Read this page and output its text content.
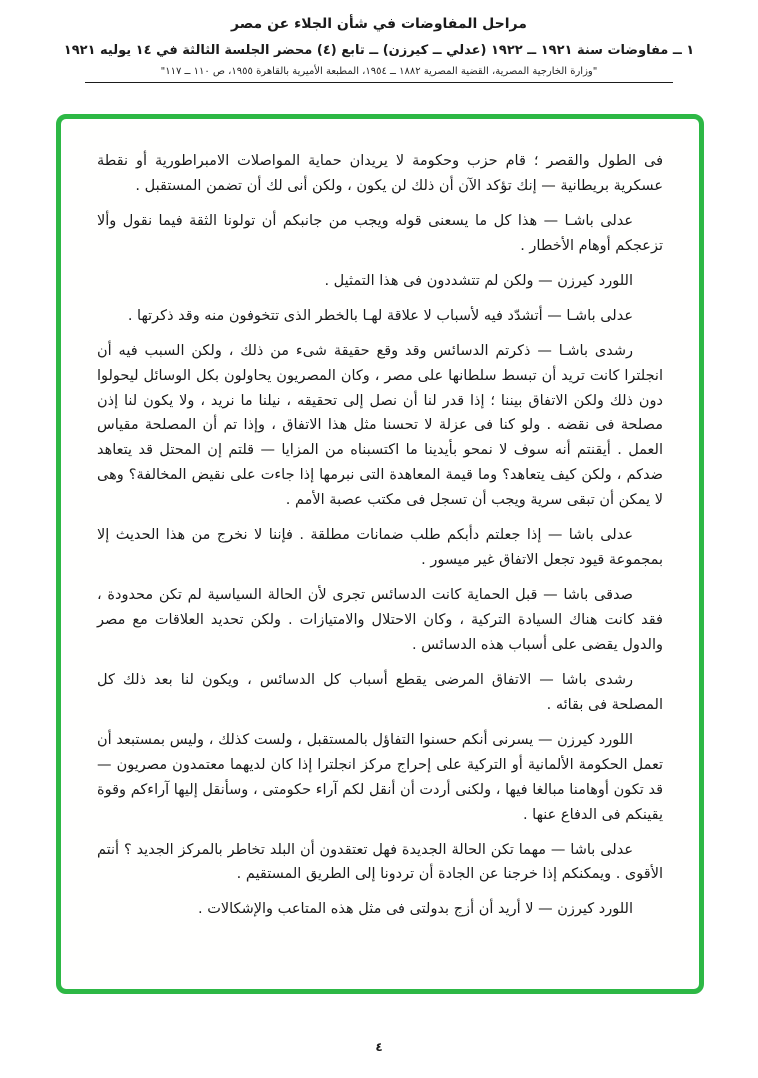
مراحل المفاوضات في شأن الجلاء عن مصر
١ ــ مفاوضات سنة ١٩٢١ ــ ١٩٢٢ (عدلي ــ كيرزن) ــ تابع (٤) محضر الجلسة الثالثة في ١٤ يوليه ١٩٢١
"وزارة الخارجية المصرية، القضية المصرية ١٨٨٢ ــ ١٩٥٤، المطبعة الأميرية بالقاهرة ١٩٥٥، ص ١١٠ ــ ١١٧"

فى الطول والقصر ؛ قام حزب وحكومة لا يريدان حماية المواصلات الامبراطورية أو نقطة عسكرية بريطانية — إنك تؤكد الآن أن ذلك لن يكون ، ولكن أنى لك أن تضمن المستقبل .

عدلى باشـا — هذا كل ما يسعنى قوله ويجب من جانبكم أن تولونا الثقة فيما نقول وألا تزعجكم أوهام الأخطار .

اللورد كيرزن — ولكن لم تتشددون فى هذا التمثيل .

عدلى باشـا — أتشدّد فيه لأسباب لا علاقة لهـا بالخطر الذى تتخوفون منه وقد ذكرتها .

رشدى باشـا — ذكرتم الدسائس وقد وقع حقيقة شىء من ذلك ، ولكن السبب فيه أن انجلترا كانت تريد أن تبسط سلطانها على مصر ، وكان المصريون يحاولون بكل الوسائل ليحولوا دون ذلك ولكن الاتفاق بيننا ؛ إذا قدر لنا أن نصل إلى تحقيقه ، نيلنا ما نريد ، ولا يكون لنا إذن مصلحة فى نقضه . ولو كنا فى عزلة لا تحسنا مثل هذا الاتفاق ، وإذا تم أن المصلحة مقياس العمل . أيقنتم أنه سوف لا نمحو بأيدينا ما اكتسبناه من المزايا — قلتم إن المحتل قد يتعاهد ضدكم ، ولكن كيف يتعاهد؟ وما قيمة المعاهدة التى نبرمها إذا جاءت على نقيض المخالفة؟ وهى لا يمكن أن تبقى سرية ويجب أن تسجل فى مكتب عصبة الأمم .

عدلى باشا — إذا جعلتم دأبكم طلب ضمانات مطلقة . فإننا لا نخرج من هذا الحديث إلا بمجموعة قيود تجعل الاتفاق غير ميسور .

صدقى باشا — قبل الحماية كانت الدسائس تجرى لأن الحالة السياسية لم تكن محدودة ، فقد كانت هناك السيادة التركية ، وكان الاحتلال والامتيازات . ولكن تحديد العلاقات مع مصر والدول يقضى على أسباب هذه الدسائس .

رشدى باشا — الاتفاق المرضى يقطع أسباب كل الدسائس ، ويكون لنا بعد ذلك كل المصلحة فى بقائه .

اللورد كيرزن — يسرنى أنكم حسنوا التفاؤل بالمستقبل ، ولست كذلك ، وليس بمستبعد أن تعمل الحكومة الألمانية أو التركية على إحراج مركز انجلترا إذا كان لديهما معتمدون مصريون — قد تكون أوهامنا مبالغا فيها ، ولكنى أردت أن أنقل لكم آراء حكومتى ، وسأنقل إليها آراءكم وقوة يقينكم فى الدفاع عنها .

عدلى باشا — مهما تكن الحالة الجديدة فهل تعتقدون أن البلد تخاطر بالمركز الجديد ؟ أنتم الأقوى . ويمكنكم إذا خرجنا عن الجادة أن تردونا إلى الطريق المستقيم .

اللورد كيرزن — لا أريد أن أزج بدولتى فى مثل هذه المتاعب والإشكالات .

٤
